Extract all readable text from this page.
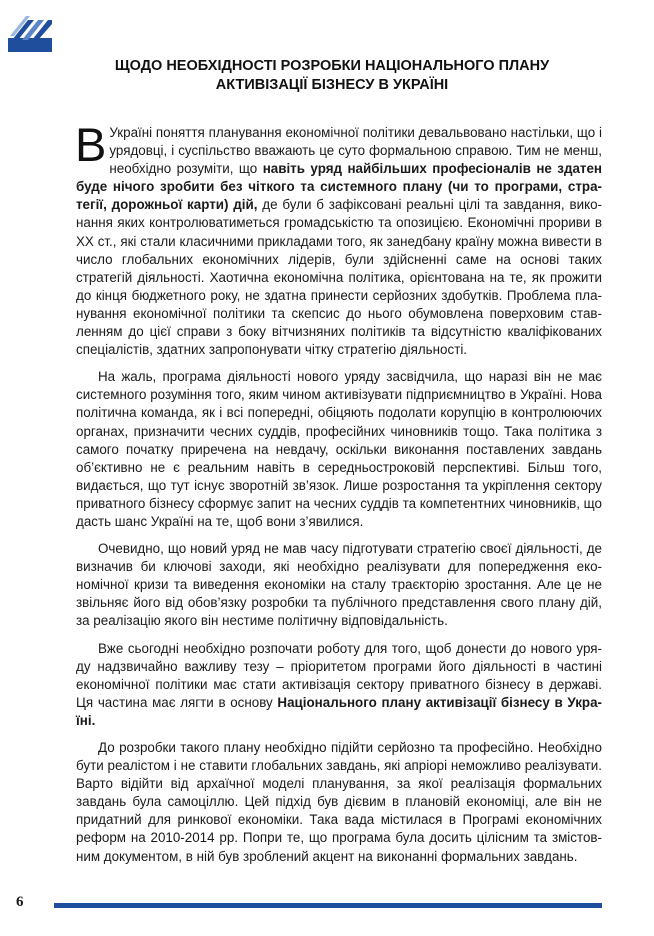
УСПП	ЩОДО НЕОБХІДНОСТІ РОЗРОБКИ НАЦІОНАЛЬНОГО ПЛАНУ
АКТИВІЗАЦІЇ БІЗНЕСУ В УКРАЇНІ

В Україні поняття планування економічної політики девальвовано настільки, що і урядовці, і суспільство вважають це суто формальною справою. Тим не менш, необхідно розуміти, що навіть уряд найбільших професіоналів не здатен буде нічого зробити без чіткого та системного плану (чи то програми, стратегії, дорожньої карти) дій, де були б зафіксовані реальні цілі та завдання, виконання яких контролюватиметься громадськістю та опозицією. Економічні прориви в ХХ ст., які стали класичними прикладами того, як занедбану країну можна вивести в число глобальних економічних лідерів, були здійсненні саме на основі таких стратегій діяльності. Хаотична економічна політика, орієнтована на те, як прожити до кінця бюджетного року, не здатна принести серйозних здобутків. Проблема планування економічної політики та скепсис до нього обумовлена поверховим ставленням до цієї справи з боку вітчизняних політиків та відсутністю кваліфікованих спеціалістів, здатних запропонувати чітку стратегію діяльності.

На жаль, програма діяльності нового уряду засвідчила, що наразі він не має системного розуміння того, яким чином активізувати підприємництво в Україні. Нова політична команда, як і всі попередні, обіцяють подолати корупцію в контролюючих органах, призначити чесних суддів, професійних чиновників тощо. Така політика з самого початку приречена на невдачу, оскільки виконання поставлених завдань об’єктивно не є реальним навіть в середньостроковій перспективі. Більш того, видається, що тут існує зворотній зв’язок. Лише розростання та укріплення сектору приватного бізнесу сформує запит на чесних суддів та компетентних чиновників, що дасть шанс Україні на те, щоб вони з’явилися.

Очевидно, що новий уряд не мав часу підготувати стратегію своєї діяльності, де визначив би ключові заходи, які необхідно реалізувати для попередження економічної кризи та виведення економіки на сталу траєкторію зростання. Але це не звільняє його від обов’язку розробки та публічного представлення свого плану дій, за реалізацію якого він нестиме політичну відповідальність.

Вже сьогодні необхідно розпочати роботу для того, щоб донести до нового уряду надзвичайно важливу тезу – пріоритетом програми його діяльності в частині економічної політики має стати активізація сектору приватного бізнесу в державі. Ця частина має лягти в основу Національного плану активізації бізнесу в Україні.

До розробки такого плану необхідно підійти серйозно та професійно. Необхідно бути реалістом і не ставити глобальних завдань, які апріорі неможливо реалізувати. Варто відійти від архаїчної моделі планування, за якої реалізація формальних завдань була самоціллю. Цей підхід був дієвим в плановій економіці, але він не придатний для ринкової економіки. Така вада містилася в Програмі економічних реформ на 2010-2014 рр. Попри те, що програма була досить цілісним та змістовним документом, в ній був зроблений акцент на виконанні формальних завдань.

6
